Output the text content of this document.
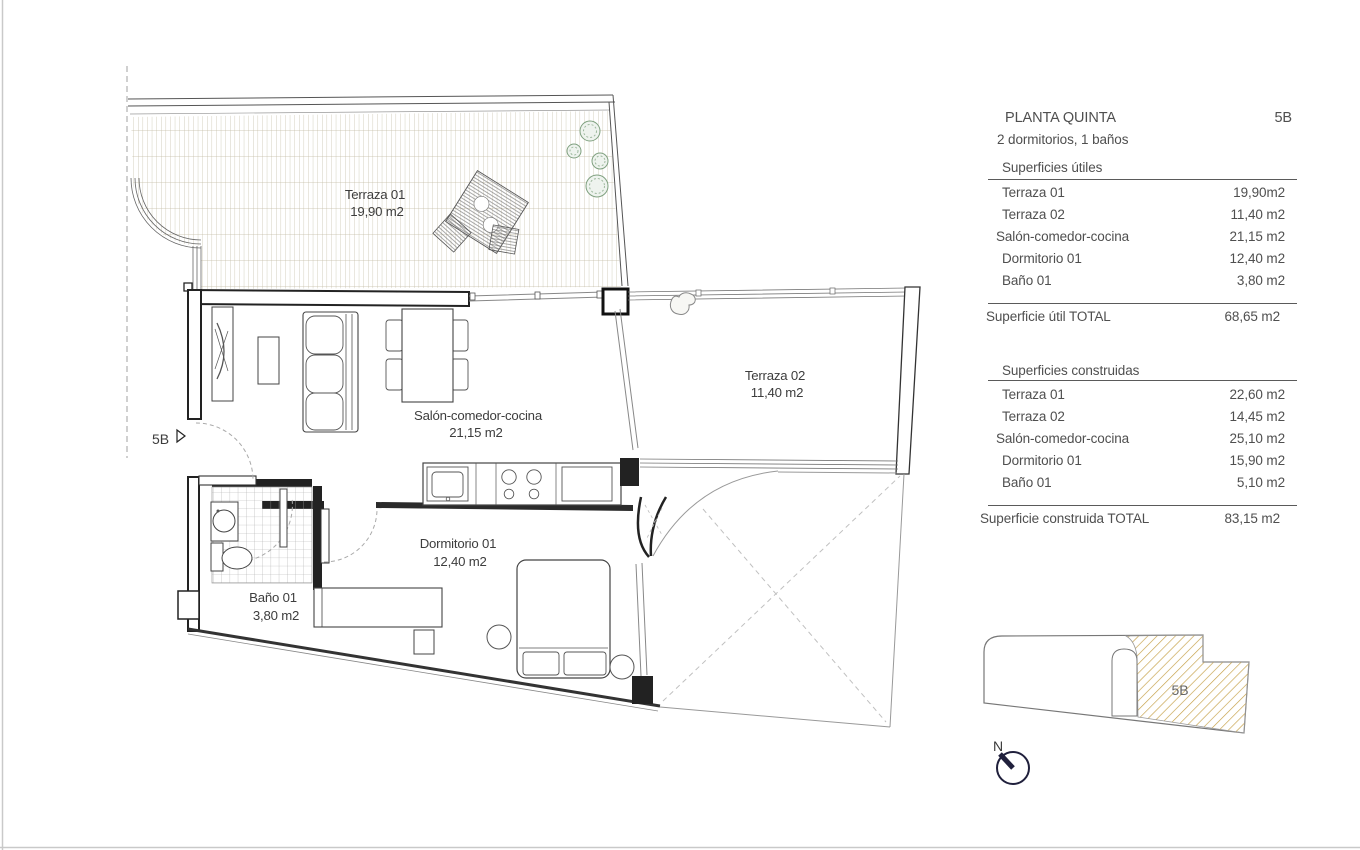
Terraza 01
19,90 m2
5B
Salón-comedor-cocina
21,15 m2
Baño 01
3,80 m2
Dormitorio 01
12,40 m2
Terraza 02
11,40 m2
5B
N
PLANTA QUINTA	5B
2 dormitorios, 1 baños
Superficies útiles
Terraza 01	19,90m2
Terraza 02	11,40 m2
Salón-comedor-cocina	21,15 m2
Dormitorio 01	12,40 m2
Baño 01	3,80 m2
Superficie útil TOTAL	68,65 m2
Superficies construidas
Terraza 01	22,60 m2
Terraza 02	14,45 m2
Salón-comedor-cocina	25,10 m2
Dormitorio 01	15,90 m2
Baño 01	5,10 m2
Superficie construida TOTAL	83,15 m2
